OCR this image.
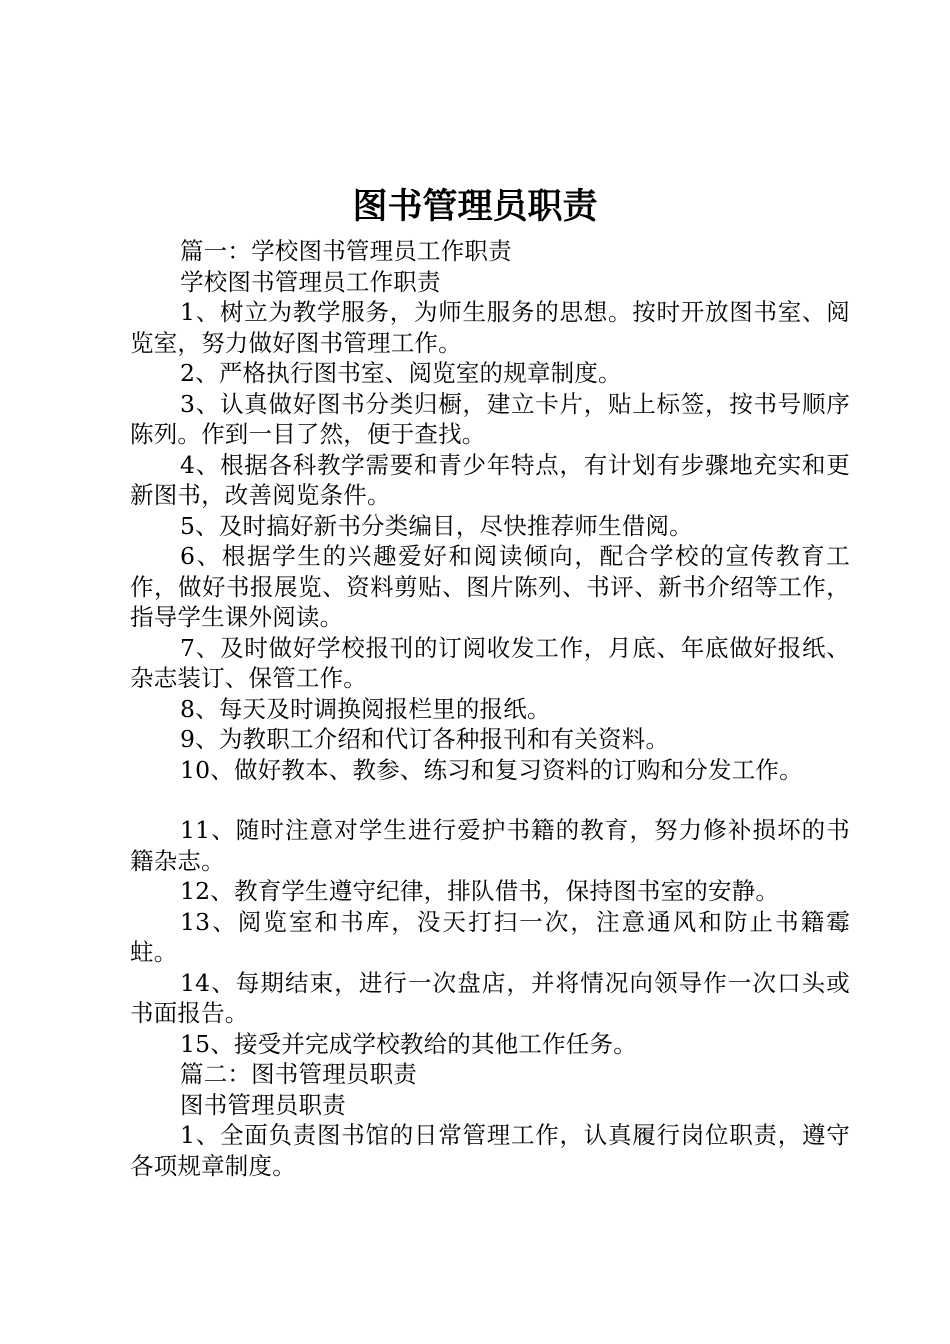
图书管理员职责

篇一：学校图书管理员工作职责

学校图书管理员工作职责

1、树立为教学服务，为师生服务的思想。按时开放图书室、阅览室，努力做好图书管理工作。

2、严格执行图书室、阅览室的规章制度。

3、认真做好图书分类归橱，建立卡片，贴上标签，按书号顺序陈列。作到一目了然，便于查找。

4、根据各科教学需要和青少年特点，有计划有步骤地充实和更新图书，改善阅览条件。

5、及时搞好新书分类编目，尽快推荐师生借阅。

6、根据学生的兴趣爱好和阅读倾向，配合学校的宣传教育工作，做好书报展览、资料剪贴、图片陈列、书评、新书介绍等工作，指导学生课外阅读。

7、及时做好学校报刊的订阅收发工作，月底、年底做好报纸、杂志装订、保管工作。

8、每天及时调换阅报栏里的报纸。

9、为教职工介绍和代订各种报刊和有关资料。

10、做好教本、教参、练习和复习资料的订购和分发工作。

11、随时注意对学生进行爱护书籍的教育，努力修补损坏的书籍杂志。

12、教育学生遵守纪律，排队借书，保持图书室的安静。

13、阅览室和书库，没天打扫一次，注意通风和防止书籍霉蛀。

14、每期结束，进行一次盘店，并将情况向领导作一次口头或书面报告。

15、接受并完成学校教给的其他工作任务。

篇二：图书管理员职责

图书管理员职责

1、全面负责图书馆的日常管理工作，认真履行岗位职责，遵守各项规章制度。
